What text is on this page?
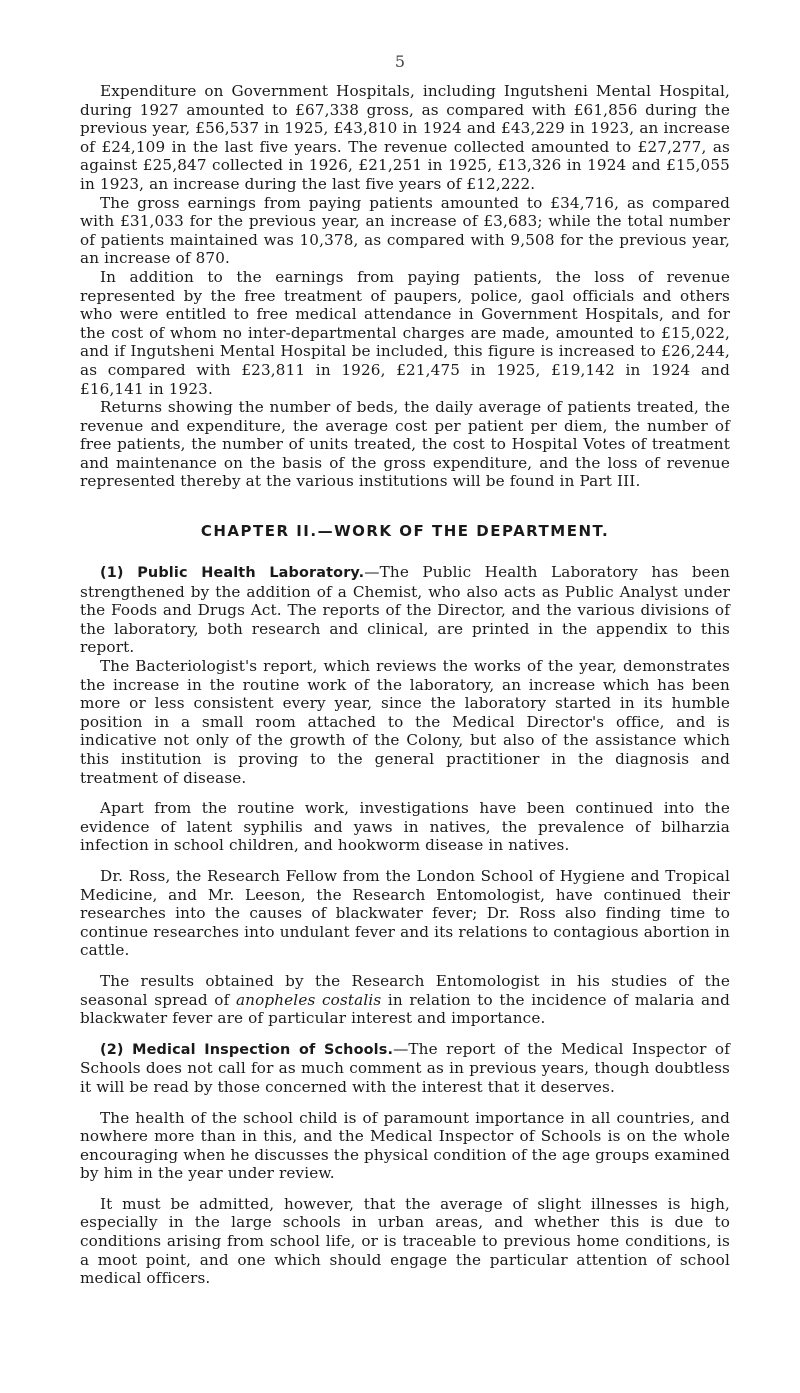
5

Expenditure on Government Hospitals, including Ingutsheni Mental Hospital, during 1927 amounted to £67,338 gross, as compared with £61,856 during the previous year, £56,537 in 1925, £43,810 in 1924 and £43,229 in 1923, an increase of £24,109 in the last five years. The revenue collected amounted to £27,277, as against £25,847 collected in 1926, £21,251 in 1925, £13,326 in 1924 and £15,055 in 1923, an increase during the last five years of £12,222.

The gross earnings from paying patients amounted to £34,716, as compared with £31,033 for the previous year, an increase of £3,683; while the total number of patients maintained was 10,378, as compared with 9,508 for the previous year, an increase of 870.

In addition to the earnings from paying patients, the loss of revenue represented by the free treatment of paupers, police, gaol officials and others who were entitled to free medical attendance in Government Hospitals, and for the cost of whom no inter-departmental charges are made, amounted to £15,022, and if Ingutsheni Mental Hospital be included, this figure is increased to £26,244, as compared with £23,811 in 1926, £21,475 in 1925, £19,142 in 1924 and £16,141 in 1923.

Returns showing the number of beds, the daily average of patients treated, the revenue and expenditure, the average cost per patient per diem, the number of free patients, the number of units treated, the cost to Hospital Votes of treatment and maintenance on the basis of the gross expenditure, and the loss of revenue represented thereby at the various institutions will be found in Part III.

CHAPTER II.—WORK OF THE DEPARTMENT.

(1) Public Health Laboratory.—The Public Health Laboratory has been strengthened by the addition of a Chemist, who also acts as Public Analyst under the Foods and Drugs Act. The reports of the Director, and the various divisions of the laboratory, both research and clinical, are printed in the appendix to this report.

The Bacteriologist's report, which reviews the works of the year, demonstrates the increase in the routine work of the laboratory, an increase which has been more or less consistent every year, since the laboratory started in its humble position in a small room attached to the Medical Director's office, and is indicative not only of the growth of the Colony, but also of the assistance which this institution is proving to the general practitioner in the diagnosis and treatment of disease.

Apart from the routine work, investigations have been continued into the evidence of latent syphilis and yaws in natives, the prevalence of bilharzia infection in school children, and hookworm disease in natives.

Dr. Ross, the Research Fellow from the London School of Hygiene and Tropical Medicine, and Mr. Leeson, the Research Entomologist, have continued their researches into the causes of blackwater fever; Dr. Ross also finding time to continue researches into undulant fever and its relations to contagious abortion in cattle.

The results obtained by the Research Entomologist in his studies of the seasonal spread of anopheles costalis in relation to the incidence of malaria and blackwater fever are of particular interest and importance.

(2) Medical Inspection of Schools.—The report of the Medical Inspector of Schools does not call for as much comment as in previous years, though doubtless it will be read by those concerned with the interest that it deserves.

The health of the school child is of paramount importance in all countries, and nowhere more than in this, and the Medical Inspector of Schools is on the whole encouraging when he discusses the physical condition of the age groups examined by him in the year under review.

It must be admitted, however, that the average of slight illnesses is high, especially in the large schools in urban areas, and whether this is due to conditions arising from school life, or is traceable to previous home conditions, is a moot point, and one which should engage the particular attention of school medical officers.
